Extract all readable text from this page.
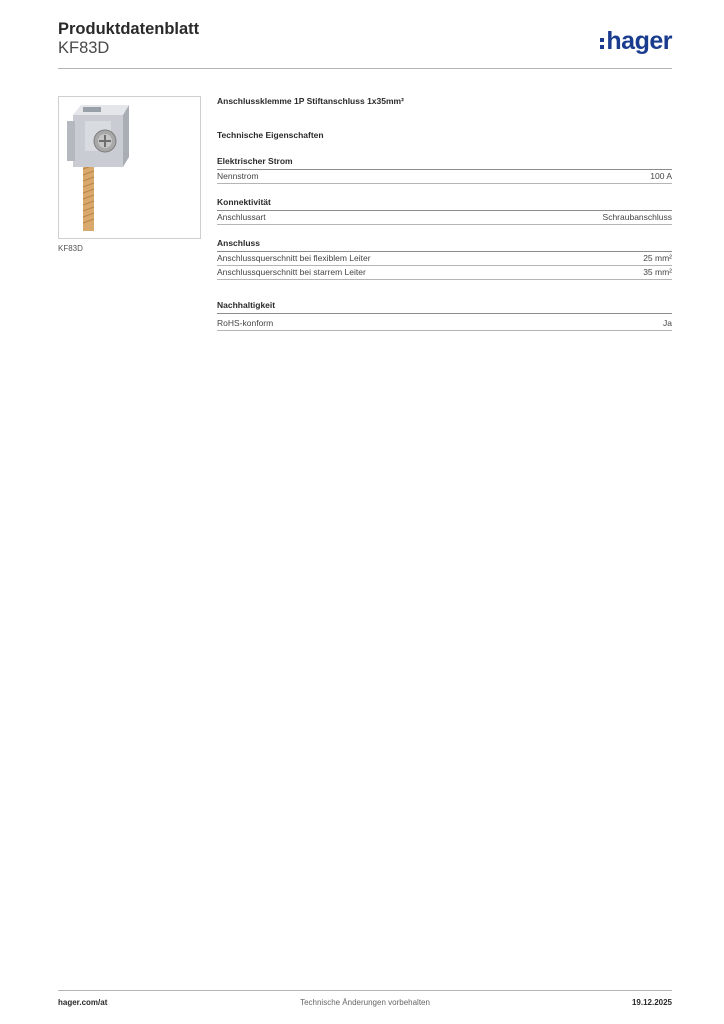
Produktdatenblatt
KF83D	hager
KF83D
Anschlussklemme 1P Stiftanschluss 1x35mm²
Technische Eigenschaften
Elektrischer Strom
Nennstrom	100 A
Konnektivität
Anschlussart	Schraubanschluss
Anschluss
Anschlussquerschnitt bei flexiblem Leiter	25 mm²
Anschlussquerschnitt bei starrem Leiter	35 mm²
Nachhaltigkeit
RoHS-konform	Ja
hager.com/at	Technische Änderungen vorbehalten	19.12.2025
